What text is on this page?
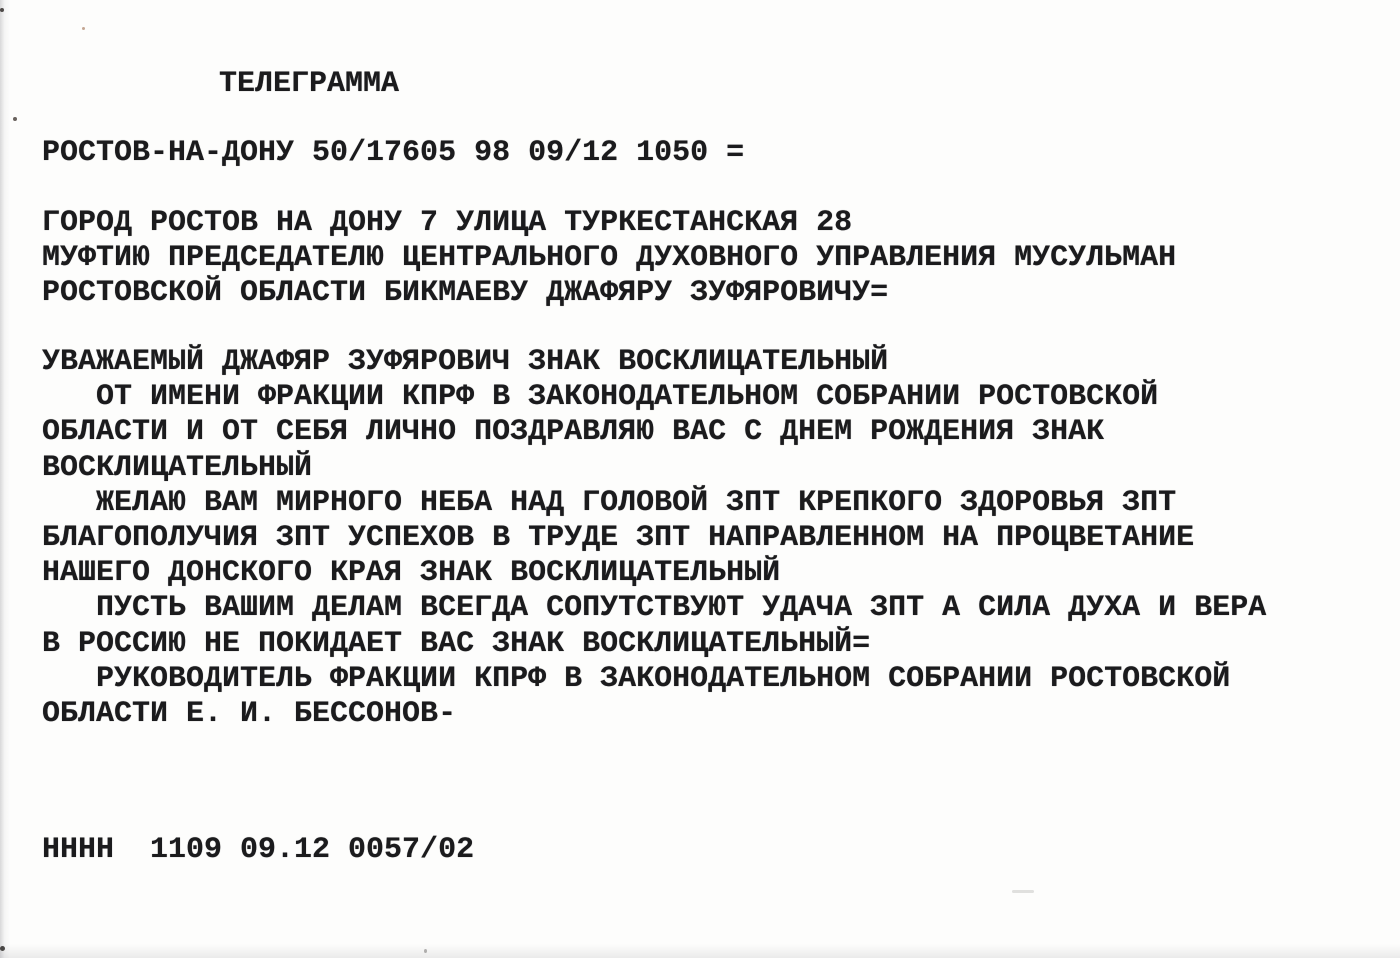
ТЕЛЕГРАММА
РОСТОВ-НА-ДОНУ 50/17605 98 09/12 1050 =
ГОРОД РОСТОВ НА ДОНУ 7 УЛИЦА ТУРКЕСТАНСКАЯ 28
МУФТИЮ ПРЕДСЕДАТЕЛЮ ЦЕНТРАЛЬНОГО ДУХОВНОГО УПРАВЛЕНИЯ МУСУЛЬМАН
РОСТОВСКОЙ ОБЛАСТИ БИКМАЕВУ ДЖАФЯРУ ЗУФЯРОВИЧУ=
УВАЖАЕМЫЙ ДЖАФЯР ЗУФЯРОВИЧ ЗНАК ВОСКЛИЦАТЕЛЬНЫЙ
ОТ ИМЕНИ ФРАКЦИИ КПРФ В ЗАКОНОДАТЕЛЬНОМ СОБРАНИИ РОСТОВСКОЙ
ОБЛАСТИ И ОТ СЕБЯ ЛИЧНО ПОЗДРАВЛЯЮ ВАС С ДНЕМ РОЖДЕНИЯ ЗНАК
ВОСКЛИЦАТЕЛЬНЫЙ
ЖЕЛАЮ ВАМ МИРНОГО НЕБА НАД ГОЛОВОЙ ЗПТ КРЕПКОГО ЗДОРОВЬЯ ЗПТ
БЛАГОПОЛУЧИЯ ЗПТ УСПЕХОВ В ТРУДЕ ЗПТ НАПРАВЛЕННОМ НА ПРОЦВЕТАНИЕ
НАШЕГО ДОНСКОГО КРАЯ ЗНАК ВОСКЛИЦАТЕЛЬНЫЙ
ПУСТЬ ВАШИМ ДЕЛАМ ВСЕГДА СОПУТСТВУЮТ УДАЧА ЗПТ А СИЛА ДУХА И ВЕРА
В РОССИЮ НЕ ПОКИДАЕТ ВАС ЗНАК ВОСКЛИЦАТЕЛЬНЫЙ=
РУКОВОДИТЕЛЬ ФРАКЦИИ КПРФ В ЗАКОНОДАТЕЛЬНОМ СОБРАНИИ РОСТОВСКОЙ
ОБЛАСТИ Е. И. БЕССОНОВ-
НННН  1109 09.12 0057/02
